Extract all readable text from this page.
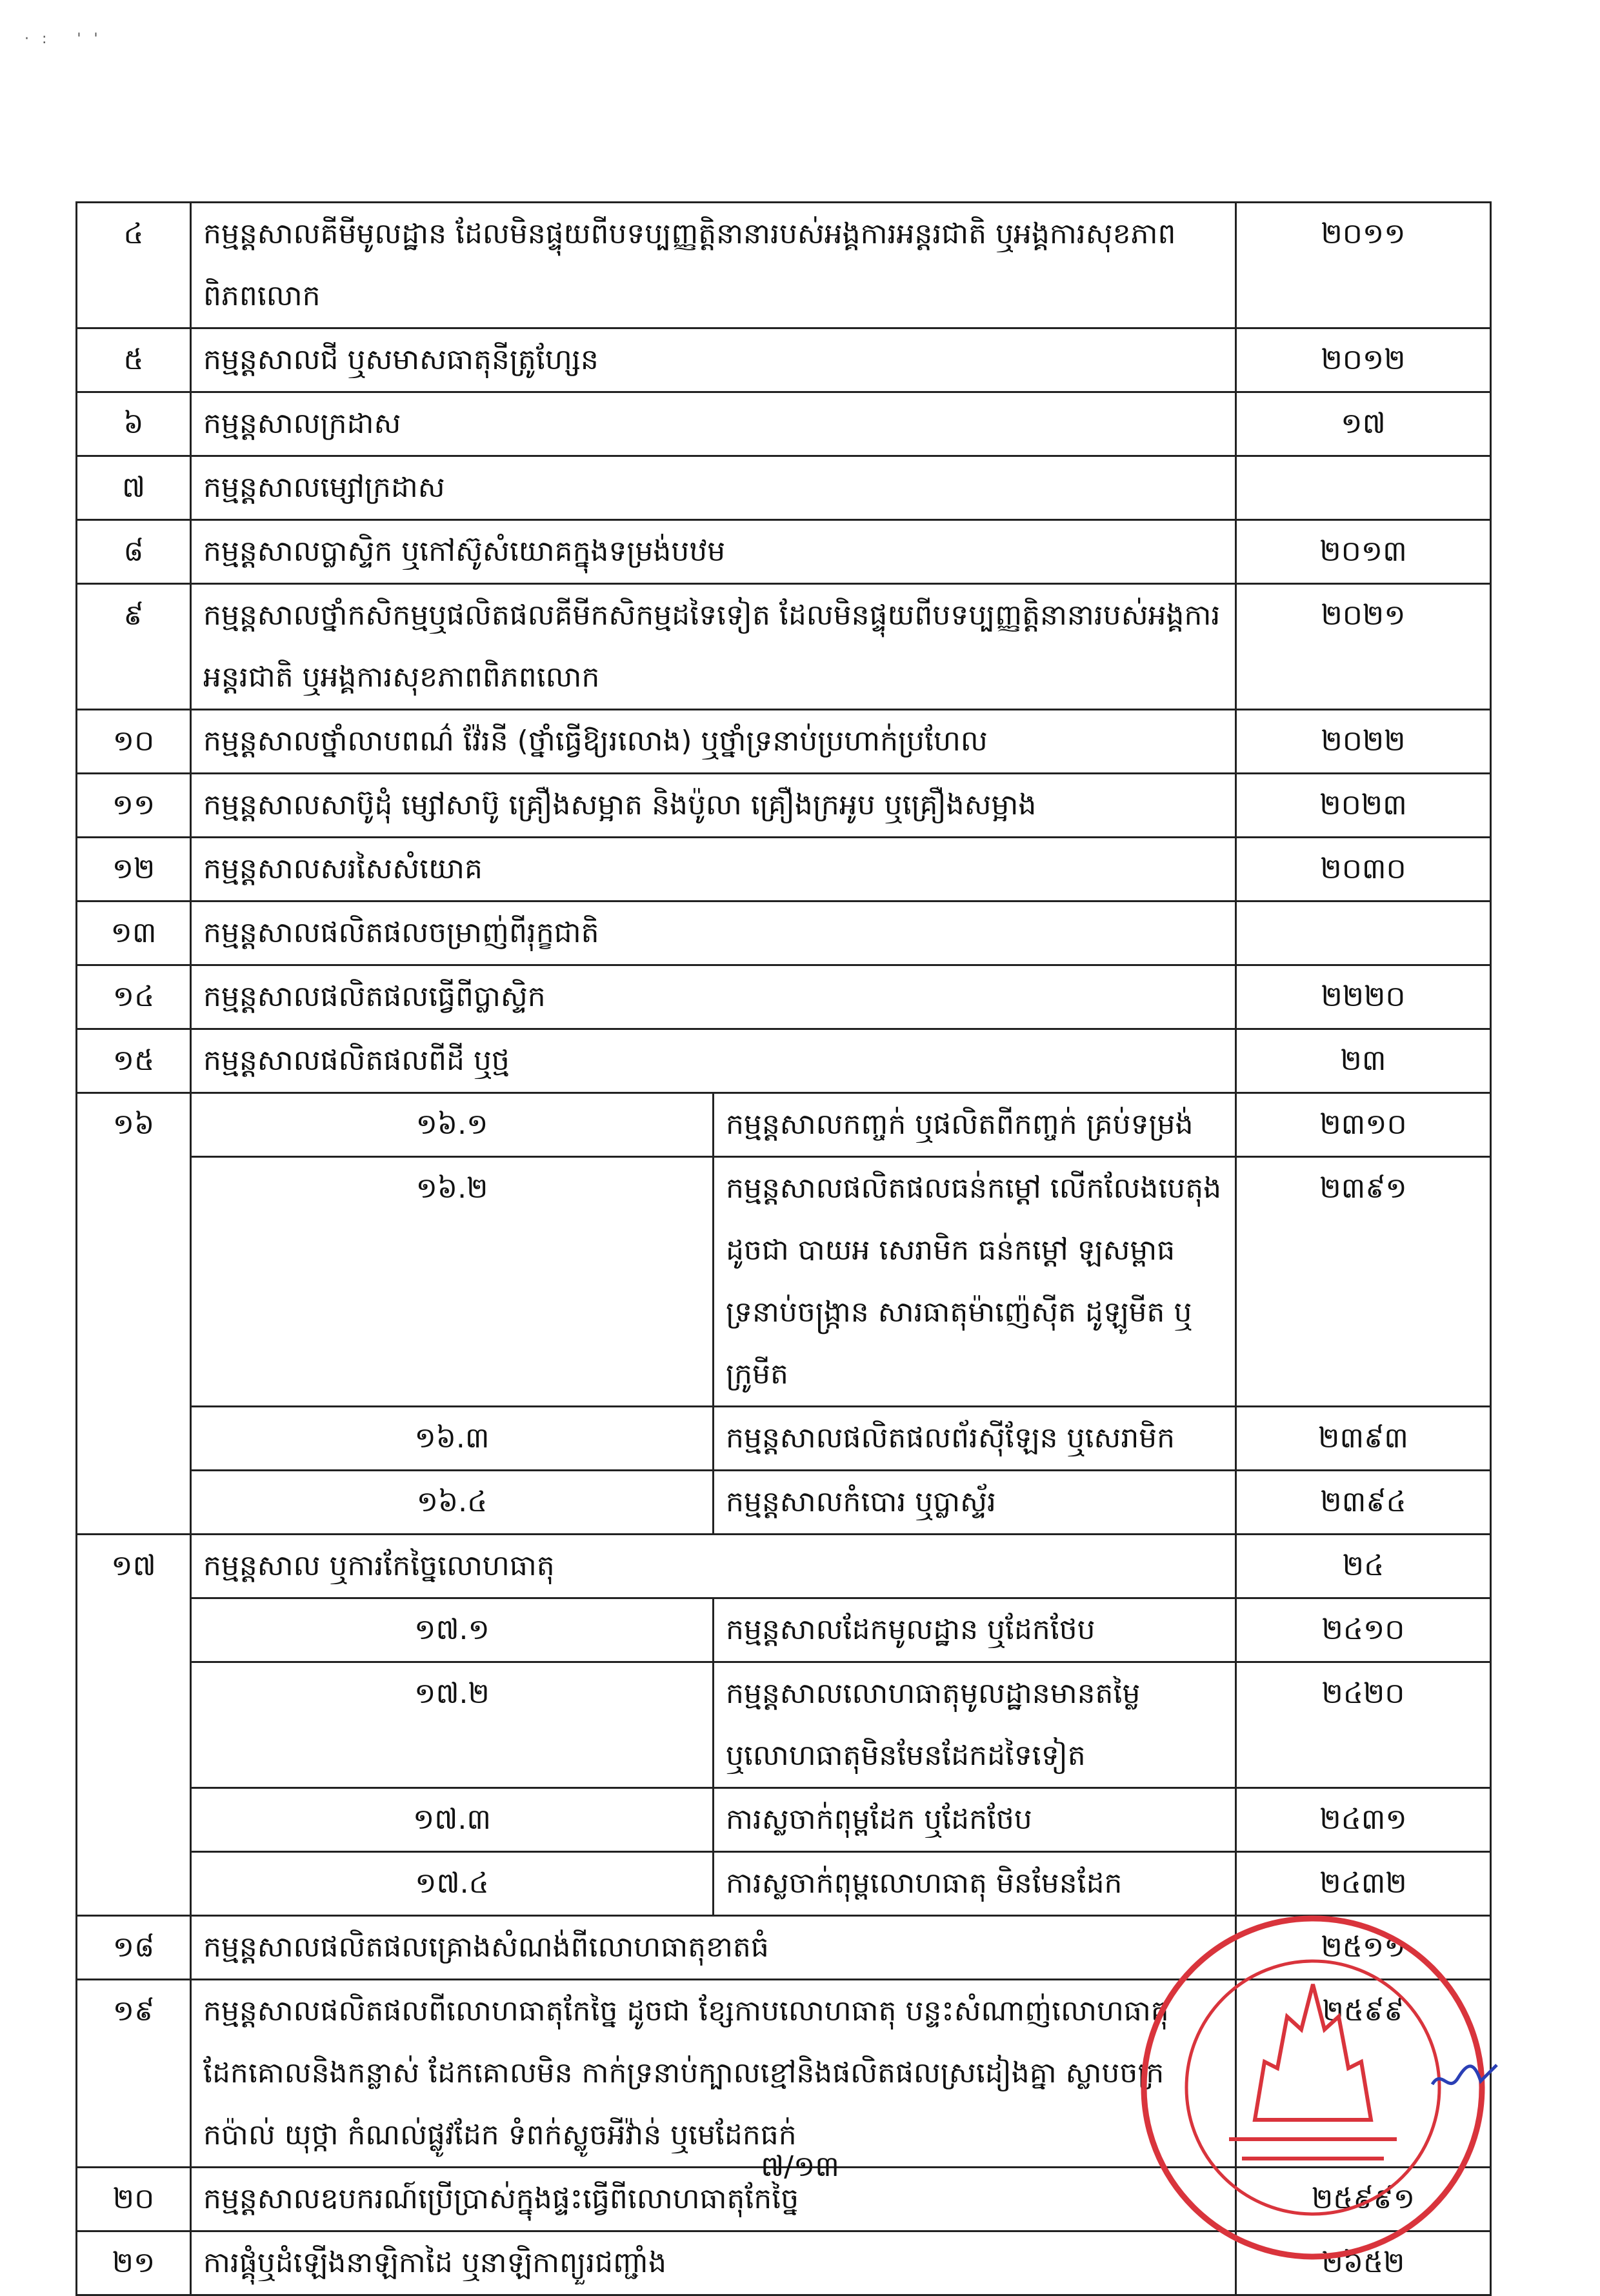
·: ''
៤	កម្មន្តសាលគីមីមូលដ្ឋាន ដែលមិនផ្ទុយពីបទប្បញ្ញត្តិនានារបស់អង្គការអន្តរជាតិ ឬអង្គការសុខភាពពិភពលោក		២០១១
៥	កម្មន្តសាលជី ឬសមាសធាតុនីត្រូហ្សែន		២០១២
៦	កម្មន្តសាលក្រដាស		១៧
៧	កម្មន្តសាលម្សៅក្រដាស		
៨	កម្មន្តសាលប្លាស្ទិក ឬកៅស៊ូសំយោគក្នុងទម្រង់បឋម		២០១៣
៩	កម្មន្តសាលថ្នាំកសិកម្មឬផលិតផលគីមីកសិកម្មដទៃទៀត ដែលមិនផ្ទុយពីបទប្បញ្ញត្តិនានារបស់អង្គការអន្តរជាតិ ឬអង្គការសុខភាពពិភពលោក		២០២១
១០	កម្មន្តសាលថ្នាំលាបពណ៌ វ៉ែរនី (ថ្នាំធ្វើឱ្យរលោង) ឬថ្នាំទ្រនាប់ប្រហាក់ប្រហែល		២០២២
១១	កម្មន្តសាលសាប៊ូដុំ ម្សៅសាប៊ូ គ្រឿងសម្អាត និងប៉ូលា គ្រឿងក្រអូប ឬគ្រឿងសម្អាង		២០២៣
១២	កម្មន្តសាលសរសៃសំយោគ		២០៣០
១៣	កម្មន្តសាលផលិតផលចម្រាញ់ពីរុក្ខជាតិ		
១៤	កម្មន្តសាលផលិតផលធ្វើពីប្លាស្ទិក		២២២០
១៥	កម្មន្តសាលផលិតផលពីដី ឬថ្ម		២៣
១៦	១៦.១	កម្មន្តសាលកញ្ចក់ ឬផលិតពីកញ្ចក់ គ្រប់ទម្រង់	២៣១០
	១៦.២	កម្មន្តសាលផលិតផលធន់កម្តៅ លើកលែងបេតុង ដូចជា បាយអ សេរាមិក ធន់កម្តៅ ឡសម្ពាធ ទ្រនាប់ចង្ក្រាន សារធាតុម៉ាញ៉េស៊ីត ដូឡូមីត ឬក្រូមីត	២៣៩១
	១៦.៣	កម្មន្តសាលផលិតផលព័រស៊ីឡែន ឬសេរាមិក	២៣៩៣
	១៦.៤	កម្មន្តសាលកំបោរ ឬប្លាស្ទ័រ	២៣៩៤
១៧	កម្មន្តសាល ឬការកែច្នៃលោហធាតុ		២៤
	១៧.១	កម្មន្តសាលដែកមូលដ្ឋាន ឬដែកថែប	២៤១០
	១៧.២	កម្មន្តសាលលោហធាតុមូលដ្ឋានមានតម្លៃ ឬលោហធាតុមិនមែនដែកដទៃទៀត	២៤២០
	១៧.៣	ការស្លចាក់ពុម្ពដែក ឬដែកថែប	២៤៣១
	១៧.៤	ការស្លចាក់ពុម្ពលោហធាតុ មិនមែនដែក	២៤៣២
១៨	កម្មន្តសាលផលិតផលគ្រោងសំណង់ពីលោហធាតុខាតធំ		២៥១១
១៩	កម្មន្តសាលផលិតផលពីលោហធាតុកែច្នៃ ដូចជា ខ្សែកាបលោហធាតុ បន្ទះសំណាញ់លោហធាតុ ដែកគោលនិងកន្លាស់ ដែកគោលមិន កាក់ទ្រនាប់ក្បាលខ្មៅនិងផលិតផលស្រដៀងគ្នា ស្លាបចក្រ កប៉ាល់ យុថ្កា កំណល់ផ្លូវដែក ទំពក់ស្លូចអីវ៉ាន់ ឬមេដែកធក់		២៥៩៩
២០	កម្មន្តសាលឧបករណ៍ប្រើប្រាស់ក្នុងផ្ទះធ្វើពីលោហធាតុកែច្នៃ		២៥៩៩១
២១	ការផ្គុំឬដំឡើងនាឡិកាដៃ ឬនាឡិកាព្យួរជញ្ជាំង		២៦៥២
៧/១៣
